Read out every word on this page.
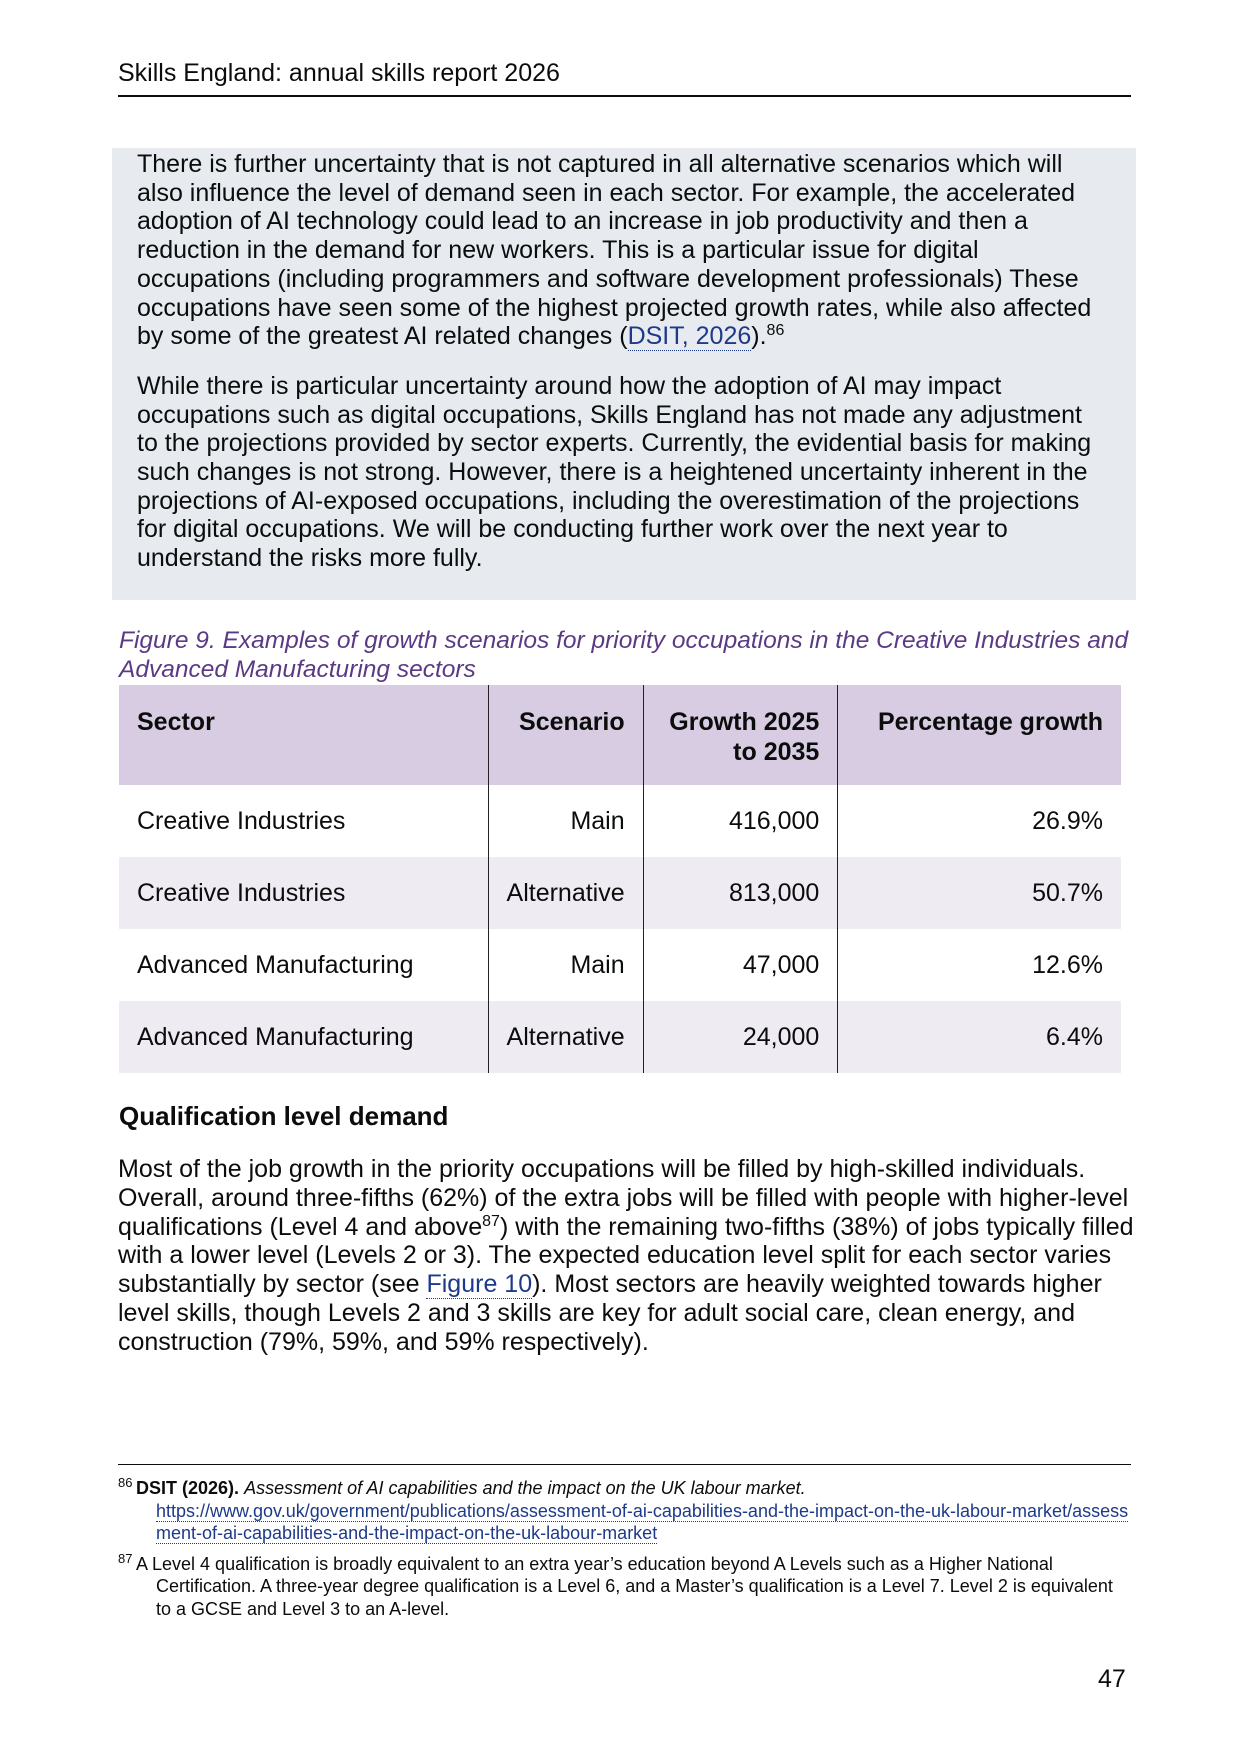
Skills England: annual skills report 2026

There is further uncertainty that is not captured in all alternative scenarios which will also influence the level of demand seen in each sector. For example, the accelerated adoption of AI technology could lead to an increase in job productivity and then a reduction in the demand for new workers. This is a particular issue for digital occupations (including programmers and software development professionals) These occupations have seen some of the highest projected growth rates, while also affected by some of the greatest AI related changes (DSIT, 2026).$^{86}$

While there is particular uncertainty around how the adoption of AI may impact occupations such as digital occupations, Skills England has not made any adjustment to the projections provided by sector experts. Currently, the evidential basis for making such changes is not strong. However, there is a heightened uncertainty inherent in the projections of AI-exposed occupations, including the overestimation of the projections for digital occupations. We will be conducting further work over the next year to understand the risks more fully.

Figure 9. Examples of growth scenarios for priority occupations in the Creative Industries and Advanced Manufacturing sectors
Sector	Scenario	Growth 2025 to 2035	Percentage growth
Creative Industries	Main	416,000	26.9%
Creative Industries	Alternative	813,000	50.7%
Advanced Manufacturing	Main	47,000	12.6%
Advanced Manufacturing	Alternative	24,000	6.4%
Qualification level demand

Most of the job growth in the priority occupations will be filled by high-skilled individuals. Overall, around three-fifths (62%) of the extra jobs will be filled with people with higher-level qualifications (Level 4 and above$^{87}$) with the remaining two-fifths (38%) of jobs typically filled with a lower level (Levels 2 or 3). The expected education level split for each sector varies substantially by sector (see Figure 10). Most sectors are heavily weighted towards higher level skills, though Levels 2 and 3 skills are key for adult social care, clean energy, and construction (79%, 59%, and 59% respectively).

86 DSIT (2026). Assessment of AI capabilities and the impact on the UK labour market.
https://www.gov.uk/government/publications/assessment-of-ai-capabilities-and-the-impact-on-the-uk-labour-market/assessment-of-ai-capabilities-and-the-impact-on-the-uk-labour-market
87 A Level 4 qualification is broadly equivalent to an extra year’s education beyond A Levels such as a Higher National Certification. A three-year degree qualification is a Level 6, and a Master’s qualification is a Level 7. Level 2 is equivalent to a GCSE and Level 3 to an A-level.
47
